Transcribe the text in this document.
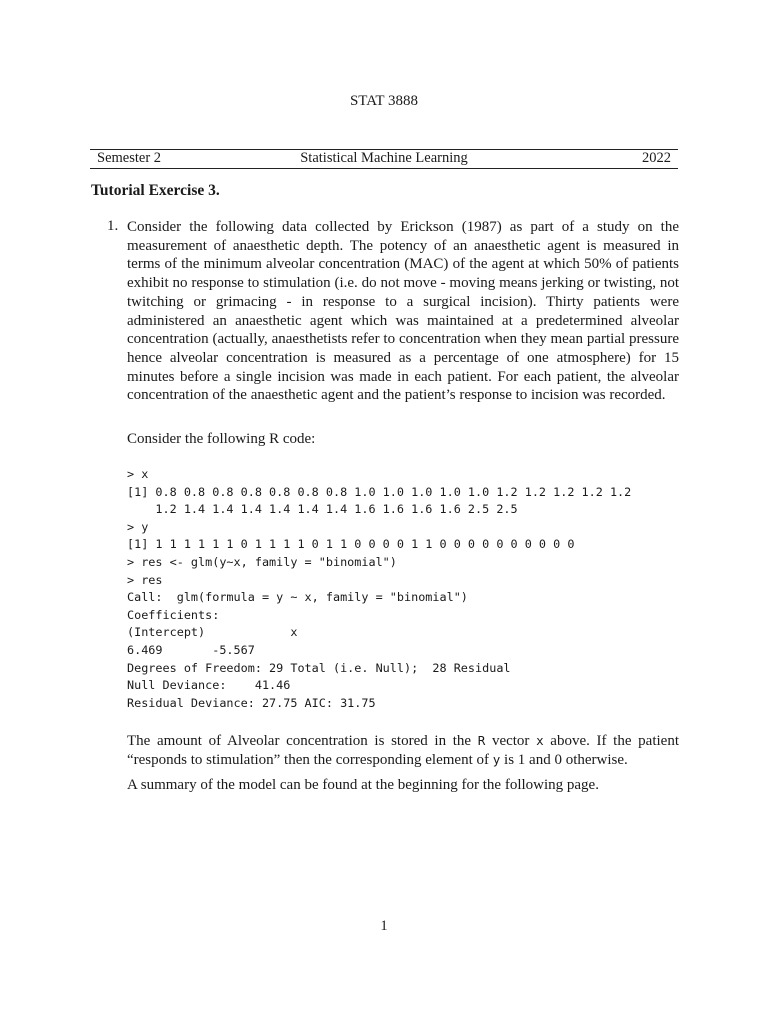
STAT 3888
Semester 2	Statistical Machine Learning	2022
Tutorial Exercise 3.
1. Consider the following data collected by Erickson (1987) as part of a study on the measurement of anaesthetic depth. The potency of an anaesthetic agent is measured in terms of the minimum alveolar concentration (MAC) of the agent at which 50% of patients exhibit no response to stimulation (i.e. do not move - moving means jerking or twisting, not twitching or grimacing - in response to a surgical incision). Thirty patients were administered an anaesthetic agent which was maintained at a predetermined alveolar concentration (actually, anaesthetists refer to concentration when they mean partial pressure hence alveolar concentration is measured as a percentage of one atmosphere) for 15 minutes before a single incision was made in each patient. For each patient, the alveolar concentration of the anaesthetic agent and the patient’s response to incision was recorded.
Consider the following R code:
> x
[1] 0.8 0.8 0.8 0.8 0.8 0.8 0.8 1.0 1.0 1.0 1.0 1.0 1.2 1.2 1.2 1.2 1.2
1.2 1.4 1.4 1.4 1.4 1.4 1.4 1.6 1.6 1.6 1.6 2.5 2.5
> y
[1] 1 1 1 1 1 1 0 1 1 1 1 0 1 1 0 0 0 0 1 1 0 0 0 0 0 0 0 0 0 0
> res <- glm(y~x, family = "binomial")
> res
Call:  glm(formula = y ~ x, family = "binomial")
Coefficients:
(Intercept)            x
6.469       -5.567
Degrees of Freedom: 29 Total (i.e. Null);  28 Residual
Null Deviance:    41.46
Residual Deviance: 27.75 AIC: 31.75
The amount of Alveolar concentration is stored in the R vector x above. If the patient “responds to stimulation” then the corresponding element of y is 1 and 0 otherwise.
A summary of the model can be found at the beginning for the following page.
1
